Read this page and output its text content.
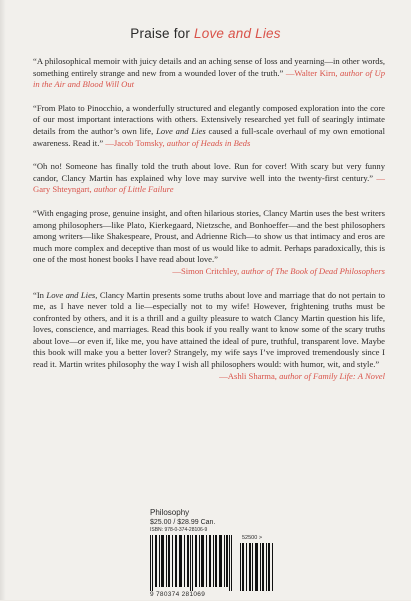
Praise for Love and Lies

“A philosophical memoir with juicy details and an aching sense of loss and yearning—in other words, something entirely strange and new from a wounded lover of the truth.” —Walter Kirn, author of Up in the Air and Blood Will Out

“From Plato to Pinocchio, a wonderfully structured and elegantly composed exploration into the core of our most important interactions with others. Extensively researched yet full of searingly intimate details from the author’s own life, Love and Lies caused a full-scale overhaul of my own emotional awareness. Read it.” —Jacob Tomsky, author of Heads in Beds

“Oh no! Someone has finally told the truth about love. Run for cover! With scary but very funny candor, Clancy Martin has explained why love may survive well into the twenty-first century.” —Gary Shteyngart, author of Little Failure

“With engaging prose, genuine insight, and often hilarious stories, Clancy Martin uses the best writers among philosophers—like Plato, Kierkegaard, Nietzsche, and Bonhoeffer—and the best philosophers among writers—like Shakespeare, Proust, and Adrienne Rich—to show us that intimacy and eros are much more complex and deceptive than most of us would like to admit. Perhaps paradoxically, this is one of the most honest books I have read about love.”
—Simon Critchley, author of The Book of Dead Philosophers

“In Love and Lies, Clancy Martin presents some truths about love and marriage that do not pertain to me, as I have never told a lie—especially not to my wife! However, frightening truths must be confronted by others, and it is a thrill and a guilty pleasure to watch Clancy Martin question his life, loves, conscience, and marriages. Read this book if you really want to know some of the scary truths about love—or even if, like me, you have attained the ideal of pure, truthful, transparent love. Maybe this book will make you a better lover? Strangely, my wife says I’ve improved tremendously since I read it. Martin writes philosophy the way I wish all philosophers would: with humor, wit, and style.”
—Ashli Sharma, author of Family Life: A Novel

Philosophy
$25.00 / $28.99 Can.
ISBN: 978-0-374-28106-9
52500 >
9 780374 281069
